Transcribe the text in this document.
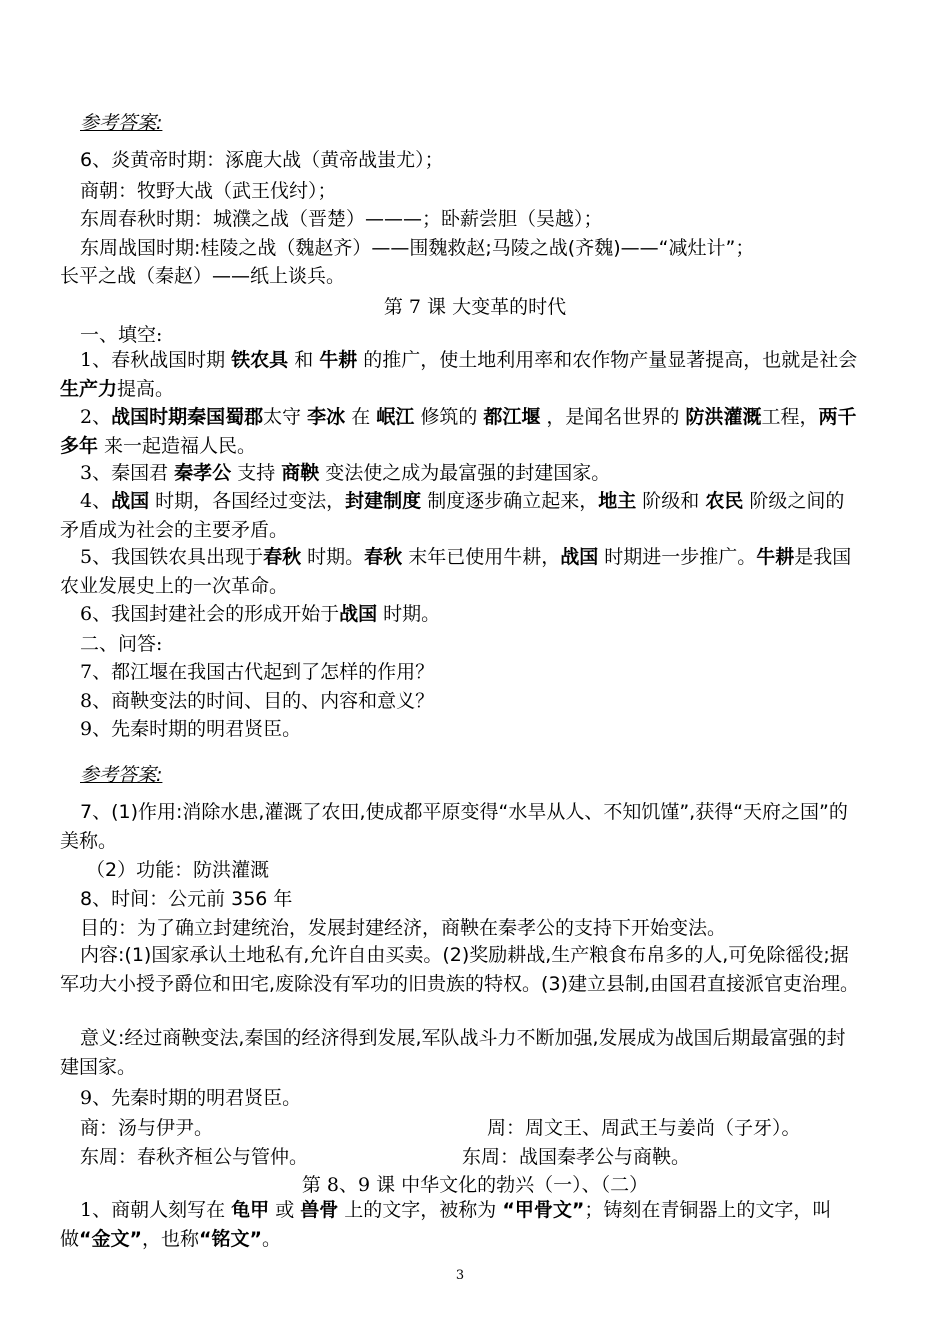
参考答案:
6、炎黄帝时期：涿鹿大战（黄帝战蚩尤）；
商朝：牧野大战（武王伐纣）；
东周春秋时期：城濮之战（晋楚）———；卧薪尝胆（吴越）；
东周战国时期:桂陵之战（魏赵齐）——围魏救赵;马陵之战(齐魏)——“减灶计”；
长平之战（秦赵）——纸上谈兵。
第 7 课 大变革的时代
一、填空:
1、春秋战国时期 铁农具 和 牛耕 的推广，使土地利用率和农作物产量显著提高，也就是社会生产力提高。
2、战国时期秦国蜀郡太守 李冰 在 岷江 修筑的 都江堰 ，是闻名世界的 防洪灌溉工程，两千多年 来一起造福人民。
3、秦国君 秦孝公 支持 商鞅 变法使之成为最富强的封建国家。
4、战国 时期，各国经过变法，封建制度 制度逐步确立起来，地主 阶级和 农民 阶级之间的矛盾成为社会的主要矛盾。
5、我国铁农具出现于春秋 时期。春秋 末年已使用牛耕，战国 时期进一步推广。牛耕是我国农业发展史上的一次革命。
6、我国封建社会的形成开始于战国 时期。
二、问答:
7、都江堰在我国古代起到了怎样的作用？
8、商鞅变法的时间、目的、内容和意义？
9、先秦时期的明君贤臣。
参考答案:
7、(1)作用:消除水患,灌溉了农田,使成都平原变得“水旱从人、不知饥馑”,获得“天府之国”的美称。
（2）功能：防洪灌溉
8、时间：公元前 356 年
目的：为了确立封建统治，发展封建经济，商鞅在秦孝公的支持下开始变法。
内容:(1)国家承认土地私有,允许自由买卖。(2)奖励耕战,生产粮食布帛多的人,可免除徭役;据军功大小授予爵位和田宅,废除没有军功的旧贵族的特权。(3)建立县制,由国君直接派官吏治理。
意义:经过商鞅变法,秦国的经济得到发展,军队战斗力不断加强,发展成为战国后期最富强的封建国家。
9、先秦时期的明君贤臣。
商：汤与伊尹。	周：周文王、周武王与姜尚（子牙）。
东周：春秋齐桓公与管仲。	东周：战国秦孝公与商鞅。
第 8、9 课 中华文化的勃兴（一）、（二）
1、商朝人刻写在 龟甲 或 兽骨 上的文字，被称为 “甲骨文”；铸刻在青铜器上的文字，叫做“金文”，也称“铭文”。
3
